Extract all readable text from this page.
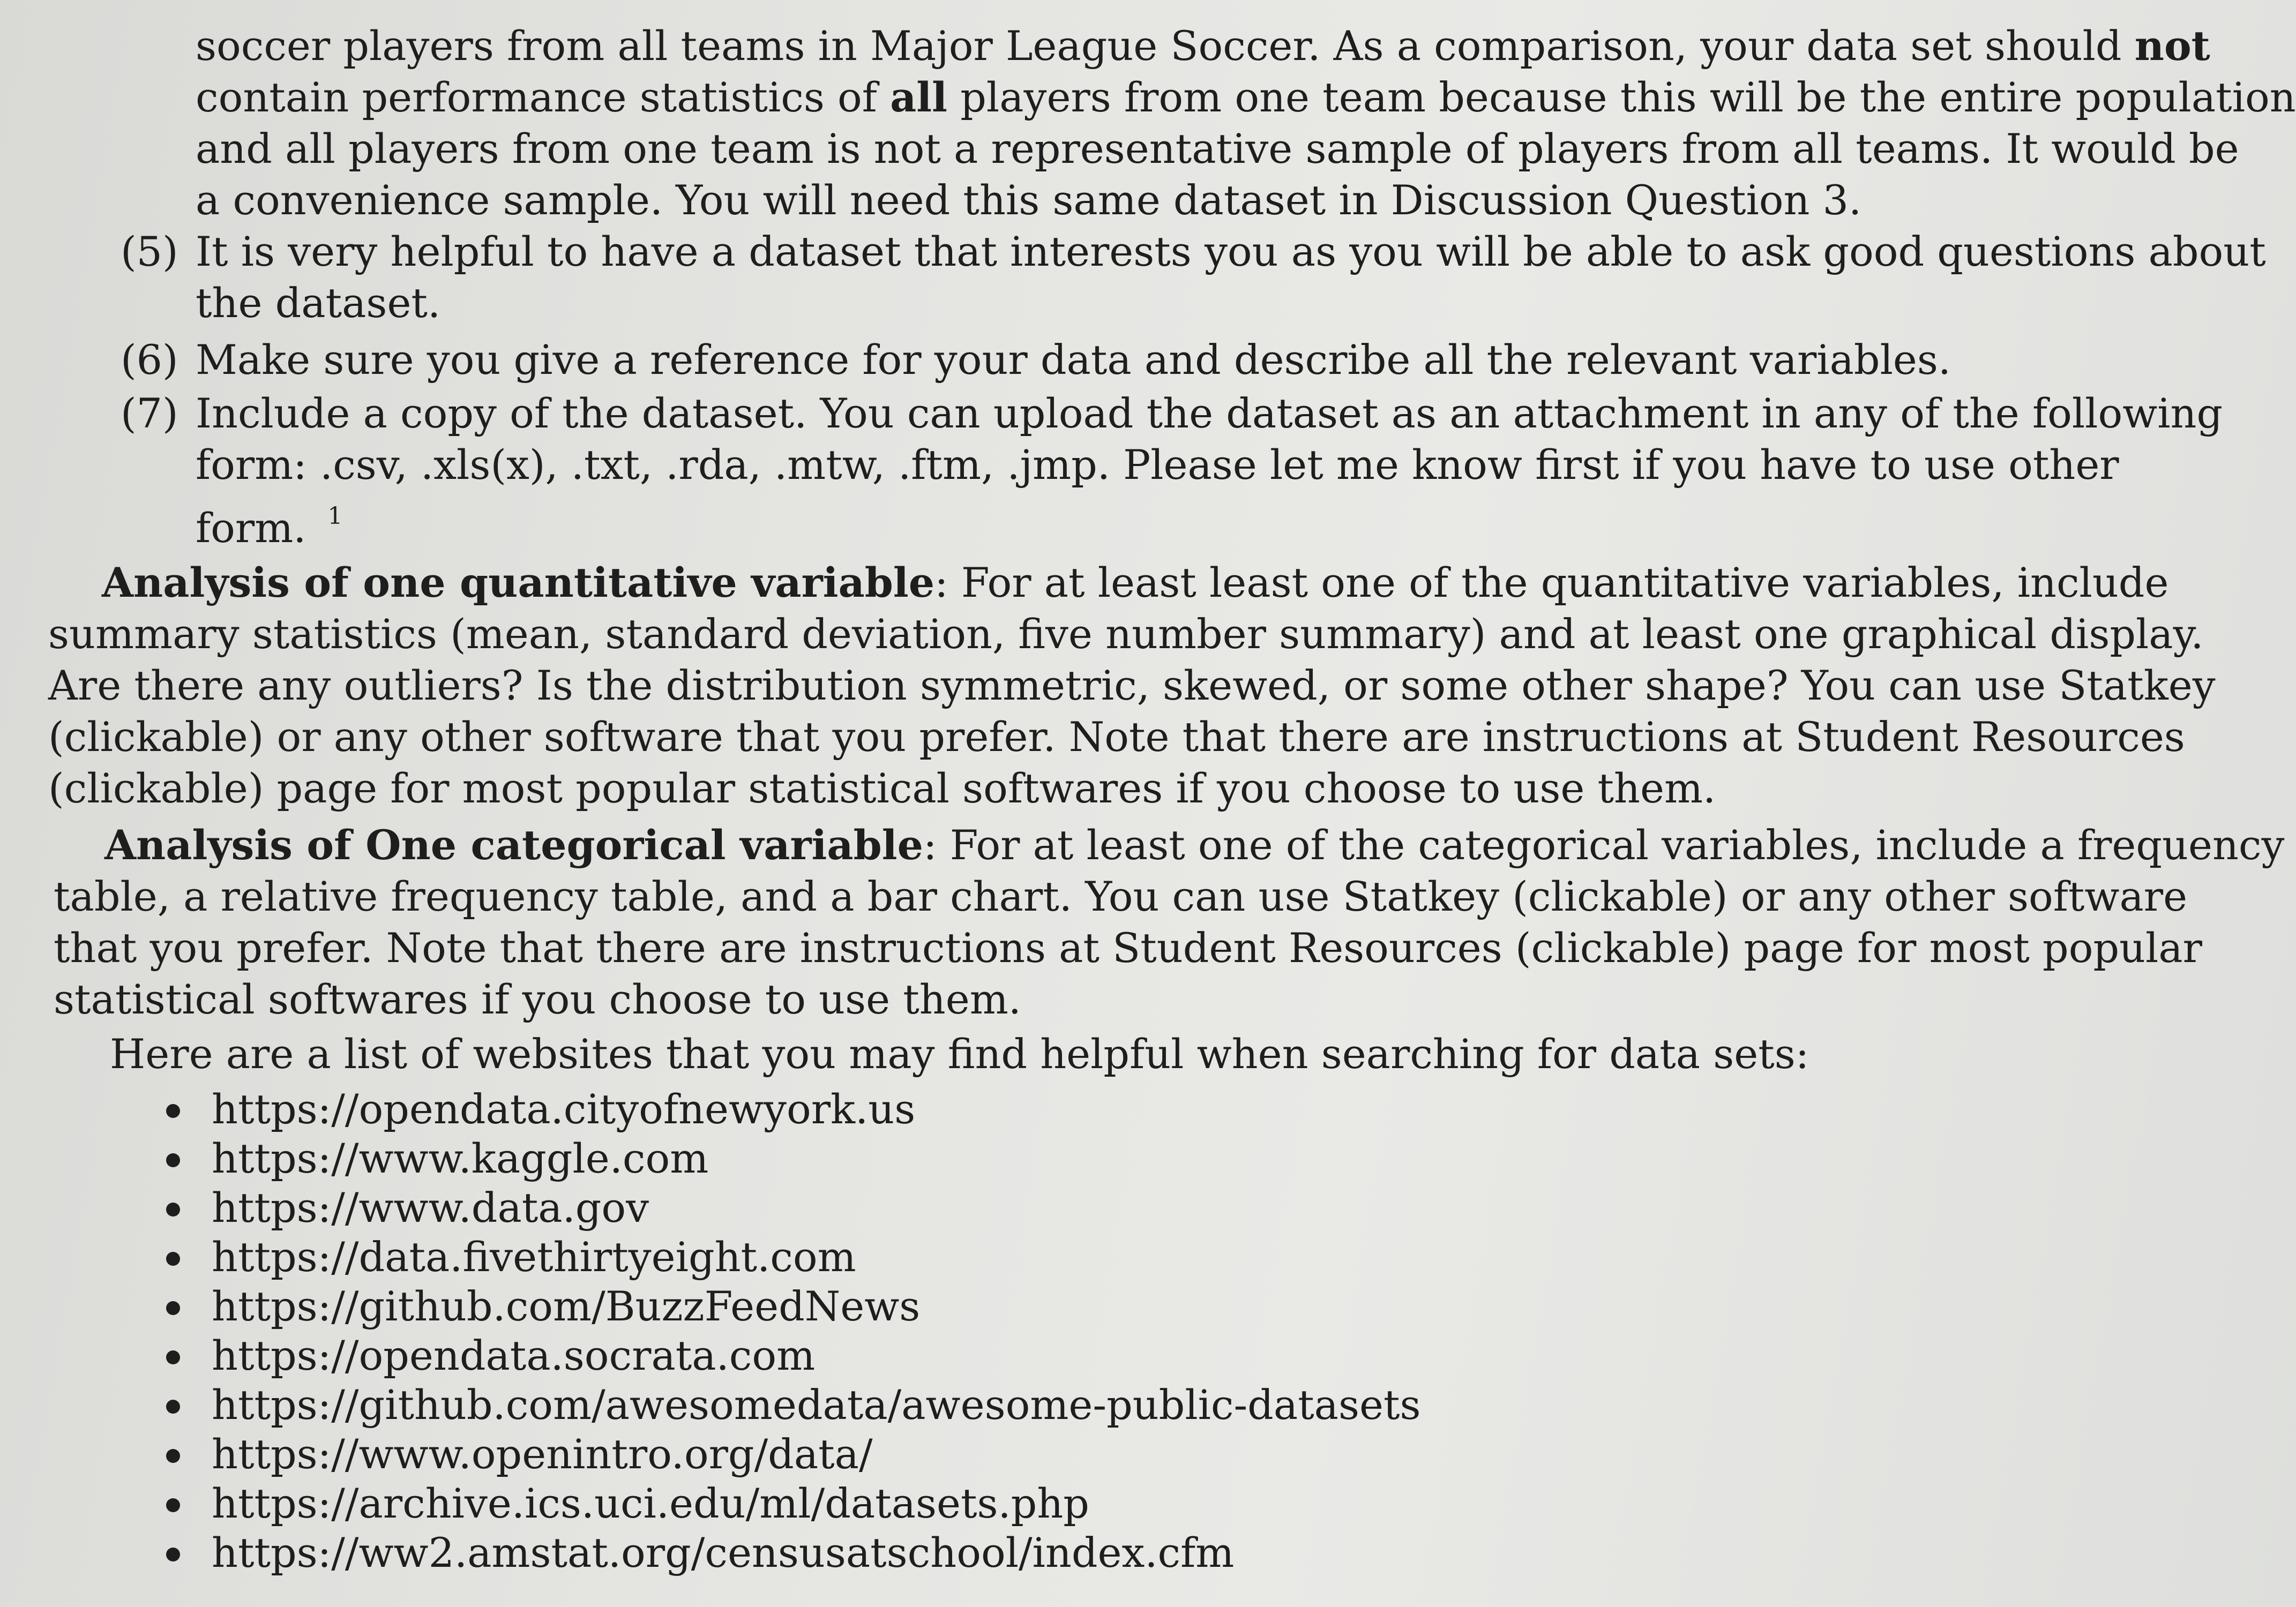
soccer players from all teams in Major League Soccer. As a comparison, your data set should not
contain performance statistics of all players from one team because this will be the entire population
and all players from one team is not a representative sample of players from all teams. It would be
a convenience sample. You will need this same dataset in Discussion Question 3.
(5) It is very helpful to have a dataset that interests you as you will be able to ask good questions about
the dataset.
(6) Make sure you give a reference for your data and describe all the relevant variables.
(7) Include a copy of the dataset. You can upload the dataset as an attachment in any of the following
form: .csv, .xls(x), .txt, .rda, .mtw, .ftm, .jmp. Please let me know first if you have to use other
form. $^1$
Analysis of one quantitative variable: For at least least one of the quantitative variables, include
summary statistics (mean, standard deviation, five number summary) and at least one graphical display.
Are there any outliers? Is the distribution symmetric, skewed, or some other shape? You can use Statkey
(clickable) or any other software that you prefer. Note that there are instructions at Student Resources
(clickable) page for most popular statistical softwares if you choose to use them.
Analysis of One categorical variable: For at least one of the categorical variables, include a frequency
table, a relative frequency table, and a bar chart. You can use Statkey (clickable) or any other software
that you prefer. Note that there are instructions at Student Resources (clickable) page for most popular
statistical softwares if you choose to use them.
Here are a list of websites that you may find helpful when searching for data sets:
https://opendata.cityofnewyork.us
https://www.kaggle.com
https://www.data.gov
https://data.fivethirtyeight.com
https://github.com/BuzzFeedNews
https://opendata.socrata.com
https://github.com/awesomedata/awesome-public-datasets
https://www.openintro.org/data/
https://archive.ics.uci.edu/ml/datasets.php
https://ww2.amstat.org/censusatschool/index.cfm
